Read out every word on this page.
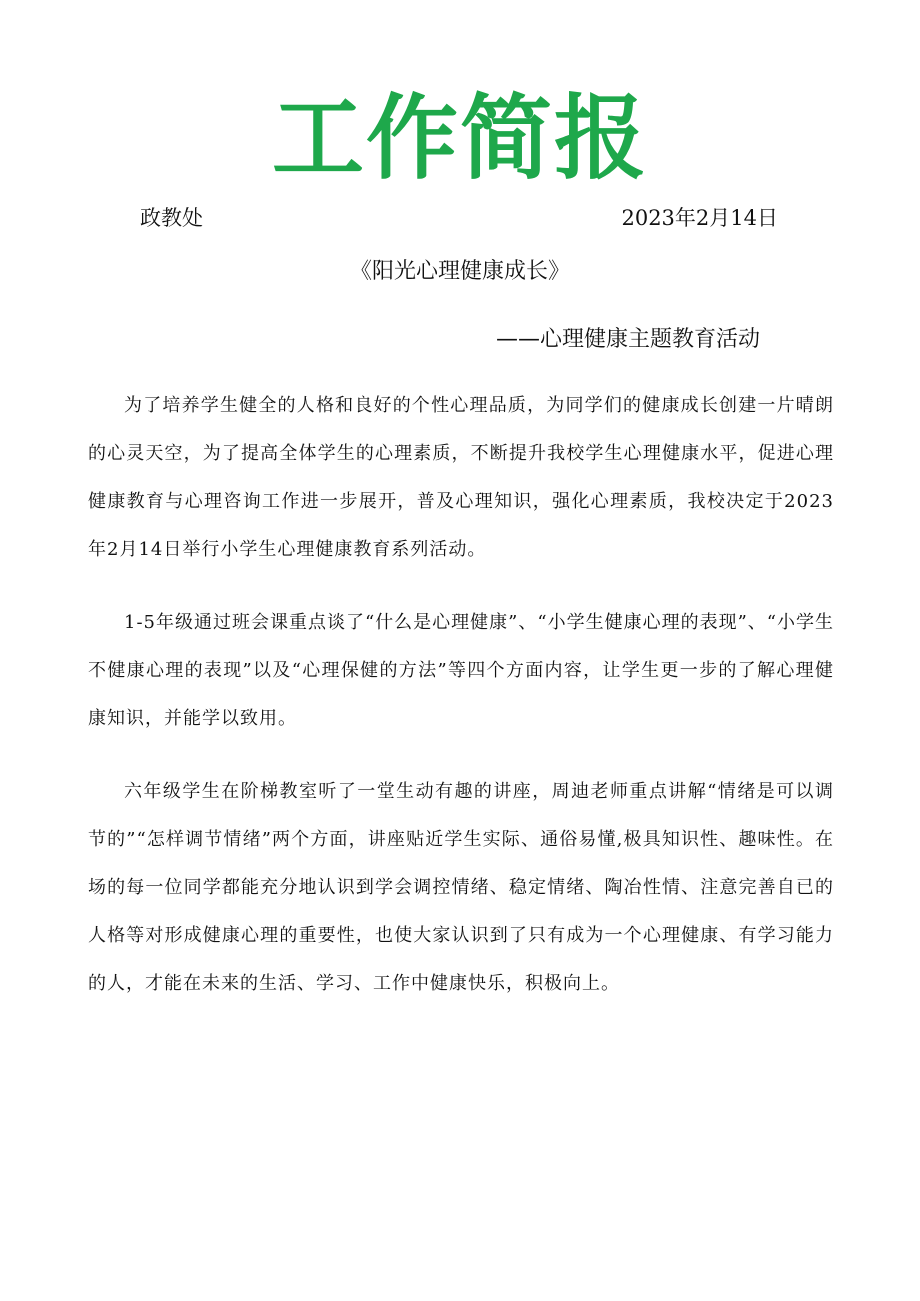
工作简报
政教处	2023年2月14日
《阳光心理健康成长》
——心理健康主题教育活动

为了培养学生健全的人格和良好的个性心理品质，为同学们的健康成长创建一片晴朗的心灵天空，为了提高全体学生的心理素质，不断提升我校学生心理健康水平，促进心理健康教育与心理咨询工作进一步展开，普及心理知识，强化心理素质，我校决定于2023年2月14日举行小学生心理健康教育系列活动。

1-5年级通过班会课重点谈了“什么是心理健康”、“小学生健康心理的表现”、“小学生不健康心理的表现”以及“心理保健的方法”等四个方面内容，让学生更一步的了解心理健康知识，并能学以致用。

六年级学生在阶梯教室听了一堂生动有趣的讲座，周迪老师重点讲解“情绪是可以调节的”“怎样调节情绪”两个方面，讲座贴近学生实际、通俗易懂,极具知识性、趣味性。在场的每一位同学都能充分地认识到学会调控情绪、稳定情绪、陶冶性情、注意完善自已的人格等对形成健康心理的重要性，也使大家认识到了只有成为一个心理健康、有学习能力的人，才能在未来的生活、学习、工作中健康快乐，积极向上。
